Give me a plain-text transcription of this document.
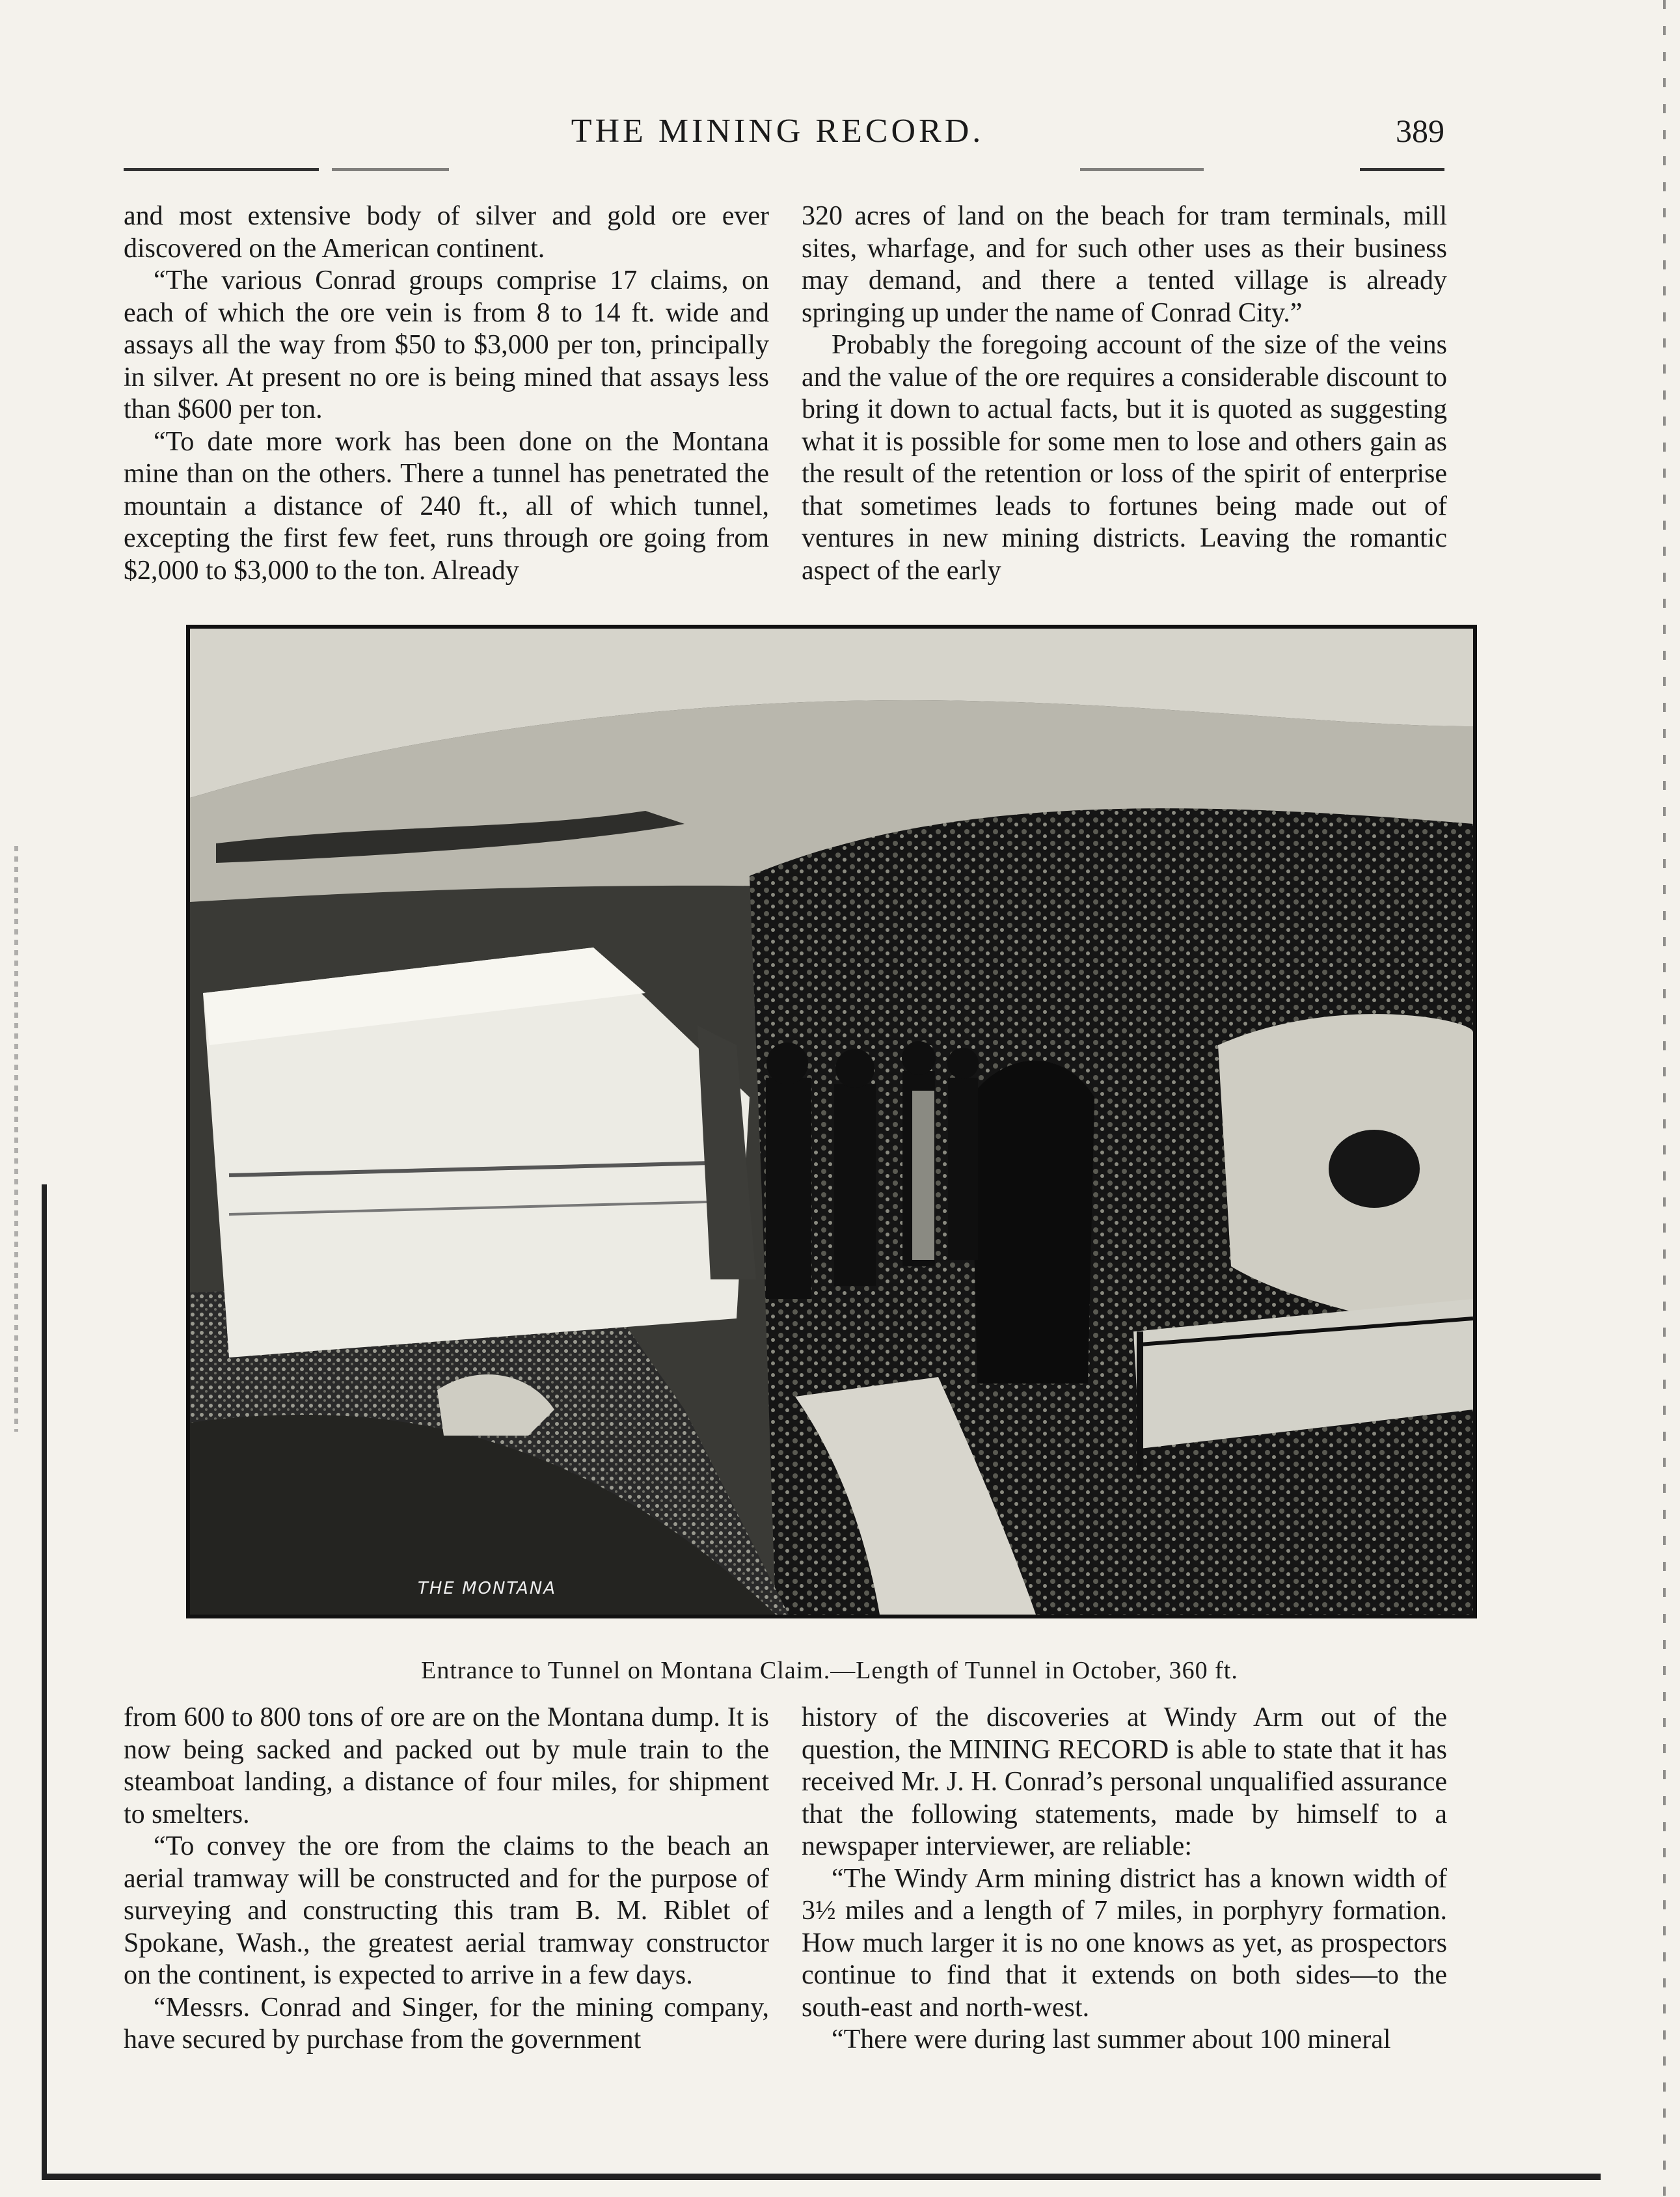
THE MINING RECORD.	389

and most extensive body of silver and gold ore ever discovered on the American continent.

“The various Conrad groups comprise 17 claims, on each of which the ore vein is from 8 to 14 ft. wide and assays all the way from $50 to $3,000 per ton, principally in silver. At present no ore is being mined that assays less than $600 per ton.

“To date more work has been done on the Montana mine than on the others. There a tunnel has penetrated the mountain a distance of 240 ft., all of which tunnel, excepting the first few feet, runs through ore going from $2,000 to $3,000 to the ton. Already

320 acres of land on the beach for tram terminals, mill sites, wharfage, and for such other uses as their business may demand, and there a tented village is already springing up under the name of Conrad City.”

Probably the foregoing account of the size of the veins and the value of the ore requires a considerable discount to bring it down to actual facts, but it is quoted as suggesting what it is possible for some men to lose and others gain as the result of the retention or loss of the spirit of enterprise that sometimes leads to fortunes being made out of ventures in new mining districts. Leaving the romantic aspect of the early

THE MONTANA
Entrance to Tunnel on Montana Claim.—Length of Tunnel in October, 360 ft.

from 600 to 800 tons of ore are on the Montana dump. It is now being sacked and packed out by mule train to the steamboat landing, a distance of four miles, for shipment to smelters.

“To convey the ore from the claims to the beach an aerial tramway will be constructed and for the purpose of surveying and constructing this tram B. M. Riblet of Spokane, Wash., the greatest aerial tramway constructor on the continent, is expected to arrive in a few days.

“Messrs. Conrad and Singer, for the mining company, have secured by purchase from the government

history of the discoveries at Windy Arm out of the question, the MINING RECORD is able to state that it has received Mr. J. H. Conrad’s personal unqualified assurance that the following statements, made by himself to a newspaper interviewer, are reliable:

“The Windy Arm mining district has a known width of 3½ miles and a length of 7 miles, in porphyry formation. How much larger it is no one knows as yet, as prospectors continue to find that it extends on both sides—to the south-east and north-west.

“There were during last summer about 100 mineral
